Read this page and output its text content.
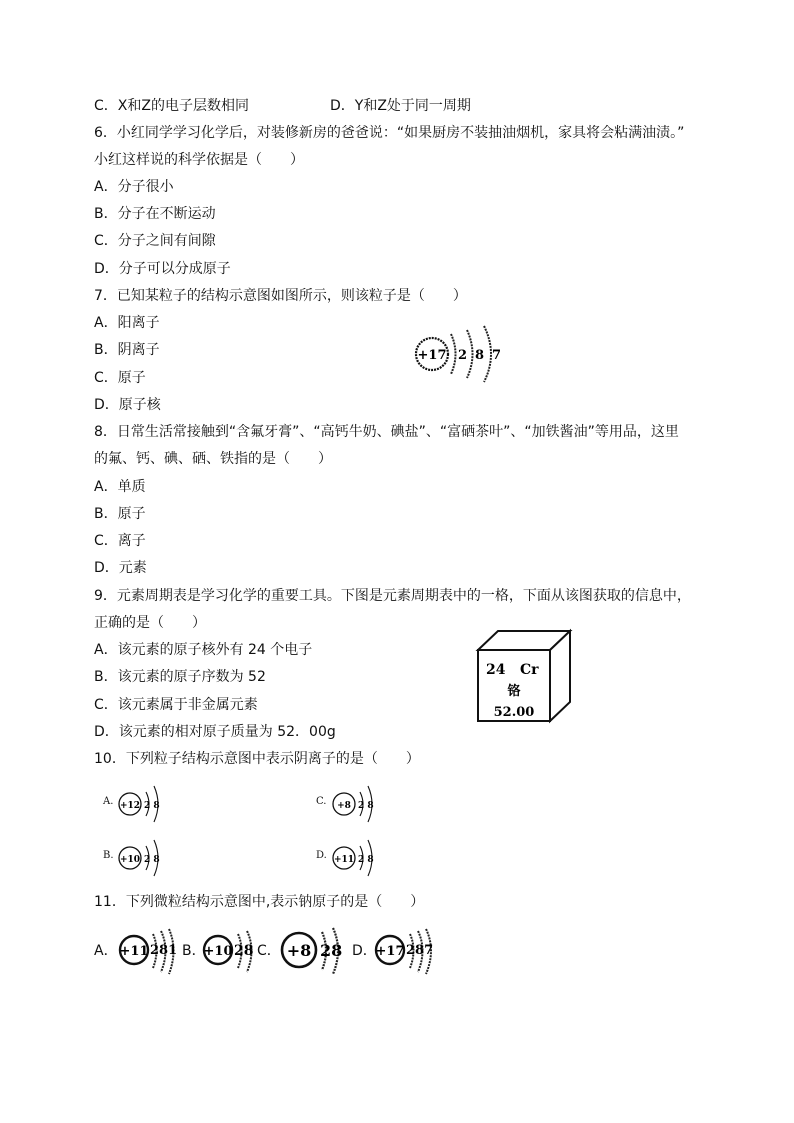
C．X和Z的电子层数相同	D．Y和Z处于同一周期
6．小红同学学习化学后，对装修新房的爸爸说：“如果厨房不装抽油烟机，家具将会粘满油渍。”
小红这样说的科学依据是（　　）
A．分子很小
B．分子在不断运动
C．分子之间有间隙
D．分子可以分成原子
7．已知某粒子的结构示意图如图所示，则该粒子是（　　）
A．阳离子
B．阴离子
C．原子
D．原子核
+17 2 8 7
8．日常生活常接触到“含氟牙膏”、“高钙牛奶、碘盐”、“富硒茶叶”、“加铁酱油”等用品，这里
的氟、钙、碘、硒、铁指的是（　　）
A．单质
B．原子
C．离子
D．元素
9．元素周期表是学习化学的重要工具。下图是元素周期表中的一格，下面从该图获取的信息中，
正确的是（　　）
A．该元素的原子核外有 24 个电子
B．该元素的原子序数为 52
C．该元素属于非金属元素
D．该元素的相对原子质量为 52．00g
24 Cr
铬
52.00
10．下列粒子结构示意图中表示阴离子的是（　　）
A. +12 2 8	C. +8 2 8
B. +10 2 8	D. +11 2 8
11．下列微粒结构示意图中,表示钠原子的是（　　）
A． +11 281 B．
+10 28 C． +8 28 D．
+17 287
